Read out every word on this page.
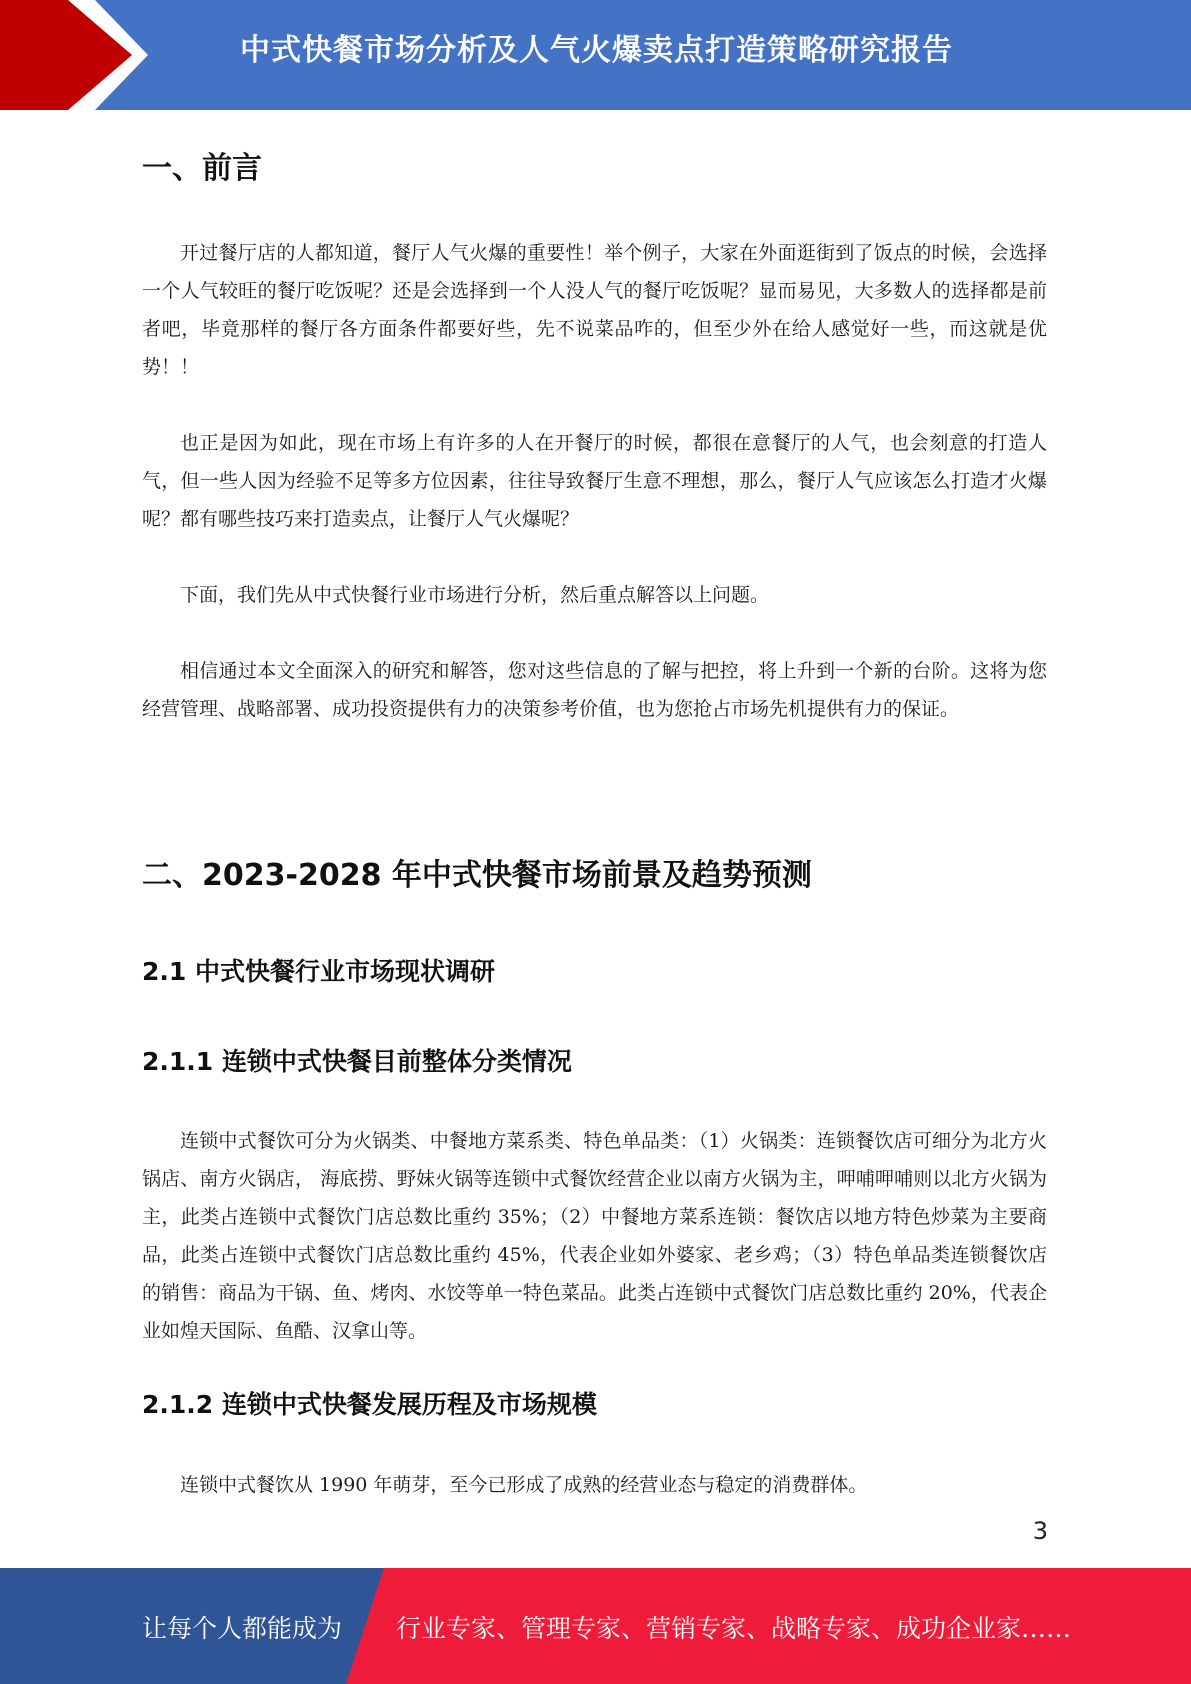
中式快餐市场分析及人气火爆卖点打造策略研究报告
一、前言
开过餐厅店的人都知道，餐厅人气火爆的重要性！举个例子，大家在外面逛街到了饭点的时候，会选择一个人气较旺的餐厅吃饭呢？还是会选择到一个人没人气的餐厅吃饭呢？显而易见，大多数人的选择都是前者吧，毕竟那样的餐厅各方面条件都要好些，先不说菜品咋的，但至少外在给人感觉好一些，而这就是优势！！
也正是因为如此，现在市场上有许多的人在开餐厅的时候，都很在意餐厅的人气，也会刻意的打造人气，但一些人因为经验不足等多方位因素，往往导致餐厅生意不理想，那么，餐厅人气应该怎么打造才火爆呢？都有哪些技巧来打造卖点，让餐厅人气火爆呢？
下面，我们先从中式快餐行业市场进行分析，然后重点解答以上问题。
相信通过本文全面深入的研究和解答，您对这些信息的了解与把控，将上升到一个新的台阶。这将为您经营管理、战略部署、成功投资提供有力的决策参考价值，也为您抢占市场先机提供有力的保证。
二、2023-2028 年中式快餐市场前景及趋势预测
2.1 中式快餐行业市场现状调研
2.1.1 连锁中式快餐目前整体分类情况
连锁中式餐饮可分为火锅类、中餐地方菜系类、特色单品类：（1）火锅类：连锁餐饮店可细分为北方火锅店、南方火锅店， 海底捞、野妹火锅等连锁中式餐饮经营企业以南方火锅为主，呷哺呷哺则以北方火锅为主，此类占连锁中式餐饮门店总数比重约 35%；（2）中餐地方菜系连锁：餐饮店以地方特色炒菜为主要商品，此类占连锁中式餐饮门店总数比重约 45%，代表企业如外婆家、老乡鸡；（3）特色单品类连锁餐饮店的销售：商品为干锅、鱼、烤肉、水饺等单一特色菜品。此类占连锁中式餐饮门店总数比重约 20%，代表企业如煌天国际、鱼酷、汉拿山等。
2.1.2 连锁中式快餐发展历程及市场规模
连锁中式餐饮从 1990 年萌芽，至今已形成了成熟的经营业态与稳定的消费群体。
3
让每个人都能成为 行业专家、管理专家、营销专家、战略专家、成功企业家……
